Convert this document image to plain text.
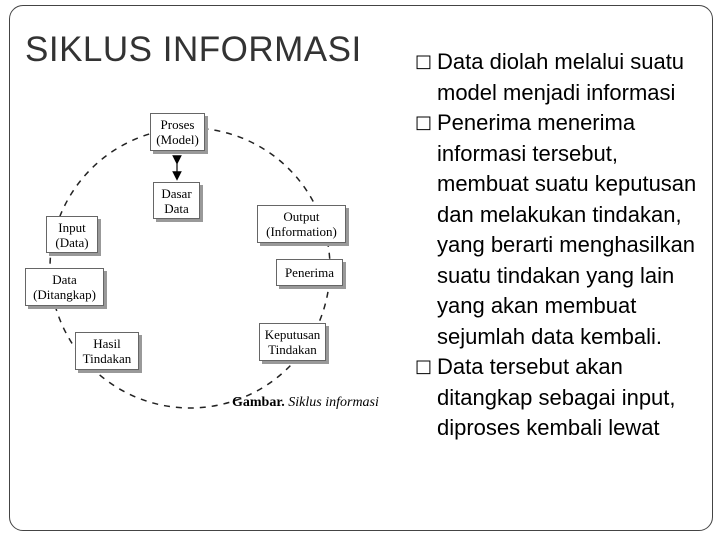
SIKLUS INFORMASI
Proses
(Model)
Dasar
Data
Output
(Information)
Penerima
Keputusan
Tindakan
Hasil
Tindakan
Data
(Ditangkap)
Input
(Data)
Gambar. Siklus informasi
□ Data diolah melalui suatu model menjadi informasi
□ Penerima menerima informasi tersebut, membuat suatu keputusan dan melakukan tindakan, yang berarti menghasilkan suatu tindakan yang lain yang akan membuat sejumlah data kembali.
□ Data tersebut akan ditangkap sebagai input, diproses kembali lewat
